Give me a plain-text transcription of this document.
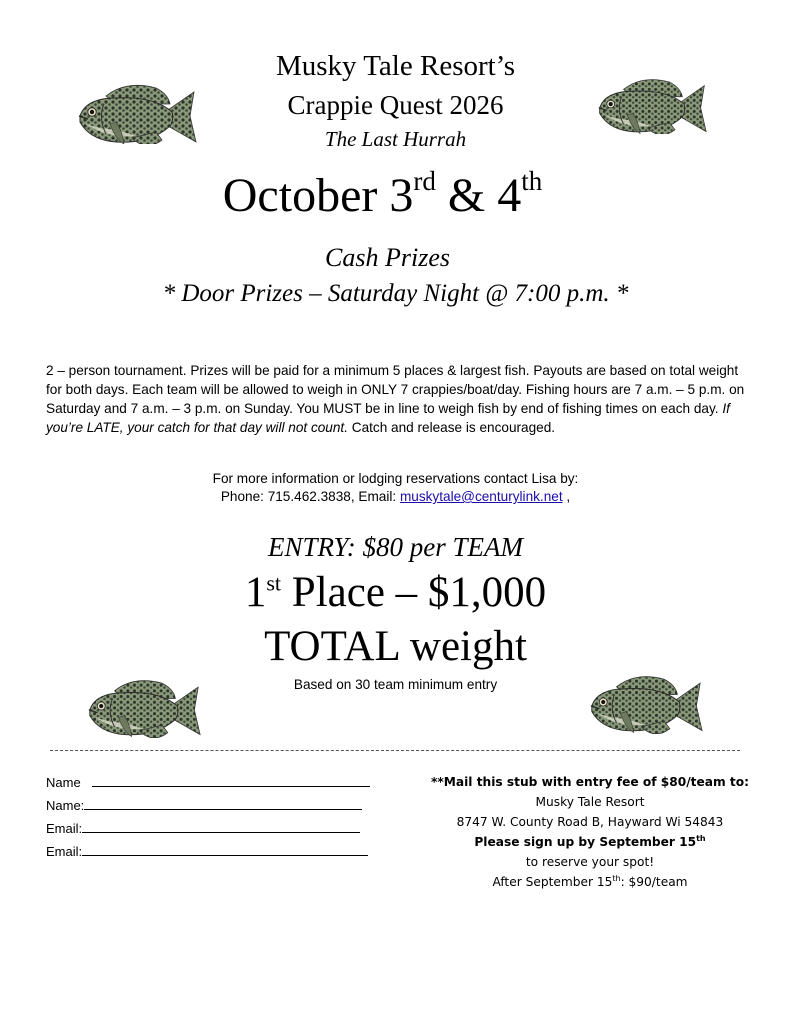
Musky Tale Resort’s
Crappie Quest 2026
The Last Hurrah
October 3rd & 4th
Cash Prizes
* Door Prizes – Saturday Night @ 7:00 p.m. *
2 – person tournament. Prizes will be paid for a minimum 5 places & largest fish. Payouts are based on total weight for both days. Each team will be allowed to weigh in ONLY 7 crappies/boat/day. Fishing hours are 7 a.m. – 5 p.m. on Saturday and 7 a.m. – 3 p.m. on Sunday. You MUST be in line to weigh fish by end of fishing times on each day. If you’re LATE, your catch for that day will not count. Catch and release is encouraged.
For more information or lodging reservations contact Lisa by:
Phone: 715.462.3838, Email: muskytale@centurylink.net ,
ENTRY: $80 per TEAM
1st Place – $1,000
TOTAL weight
Based on 30 team minimum entry
Name
Name:
Email:
Email:
**Mail this stub with entry fee of $80/team to:
Musky Tale Resort
8747 W. County Road B, Hayward Wi 54843
Please sign up by September 15th
to reserve your spot!
After September 15th: $90/team
